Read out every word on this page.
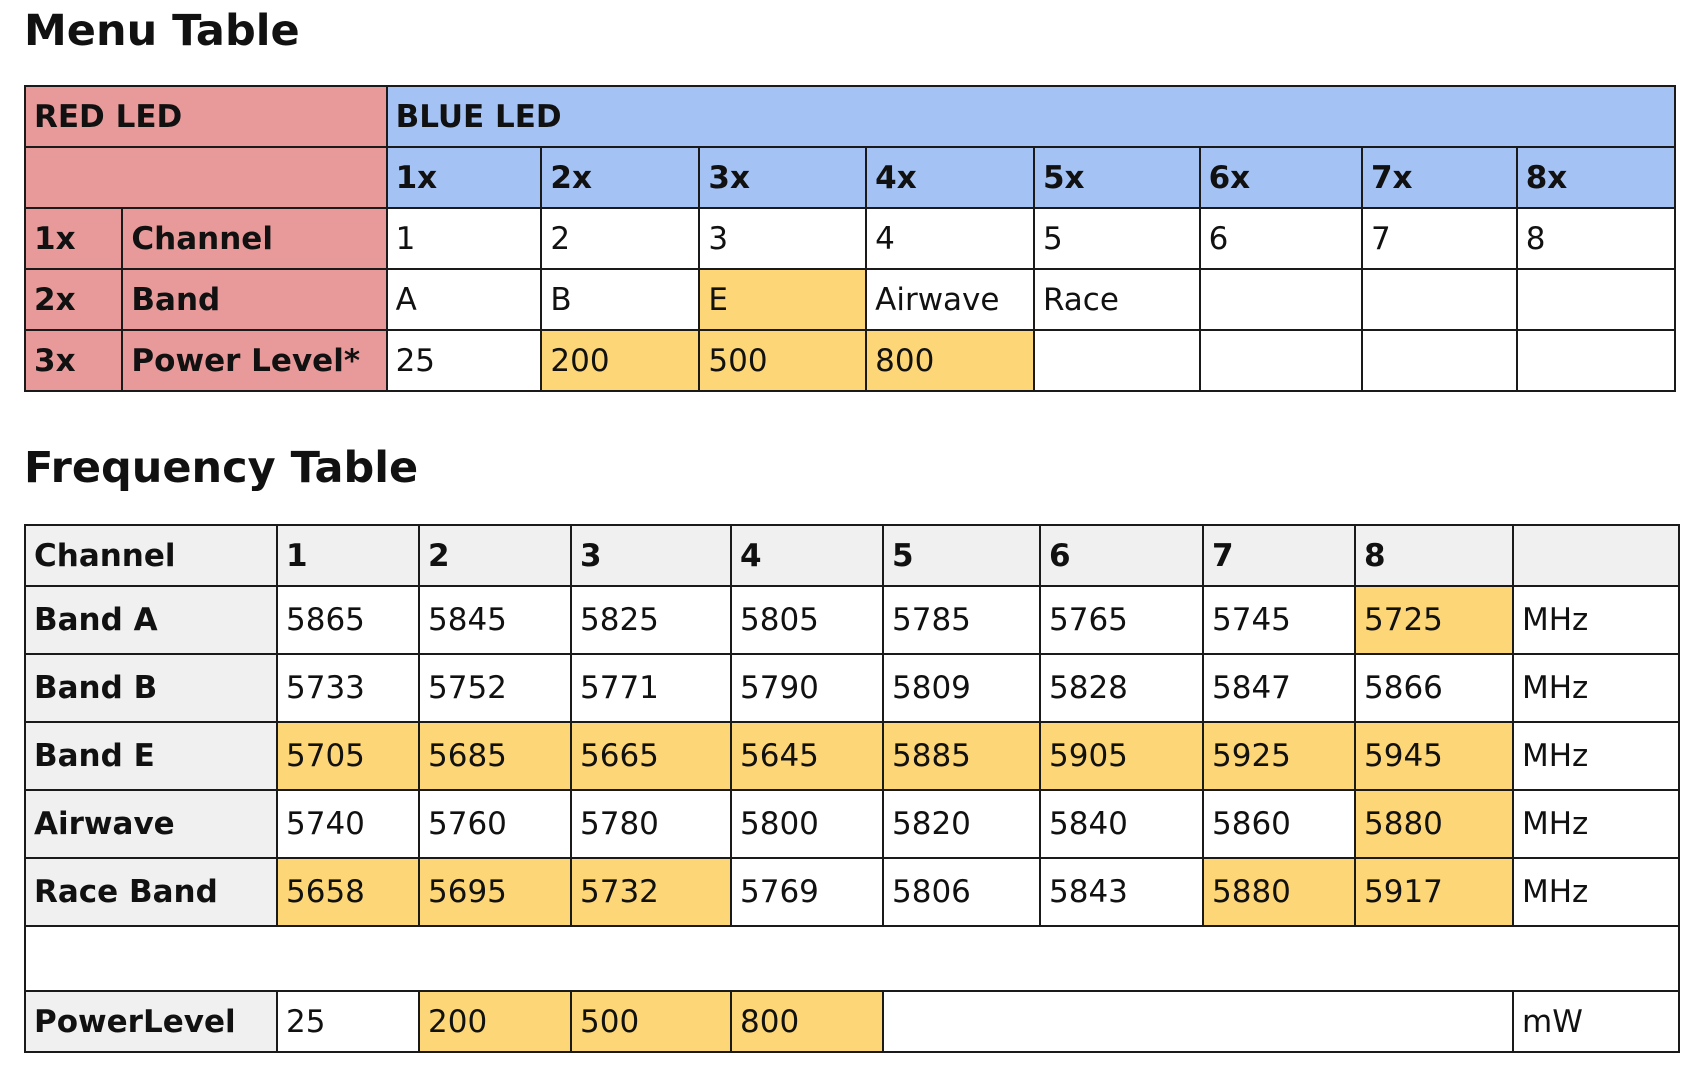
Menu Table
RED LED		BLUE LED							
		1x	2x	3x	4x	5x	6x	7x	8x
1x	Channel	1	2	3	4	5	6	7	8
2x	Band	A	B	E	Airwave	Race			
3x	Power Level*	25	200	500	800				
Frequency Table
Channel	1	2	3	4	5	6	7	8	
Band A	5865	5845	5825	5805	5785	5765	5745	5725	MHz
Band B	5733	5752	5771	5790	5809	5828	5847	5866	MHz
Band E	5705	5685	5665	5645	5885	5905	5925	5945	MHz
Airwave	5740	5760	5780	5800	5820	5840	5860	5880	MHz
Race Band	5658	5695	5732	5769	5806	5843	5880	5917	MHz

PowerLevel	25	200	500	800					mW
